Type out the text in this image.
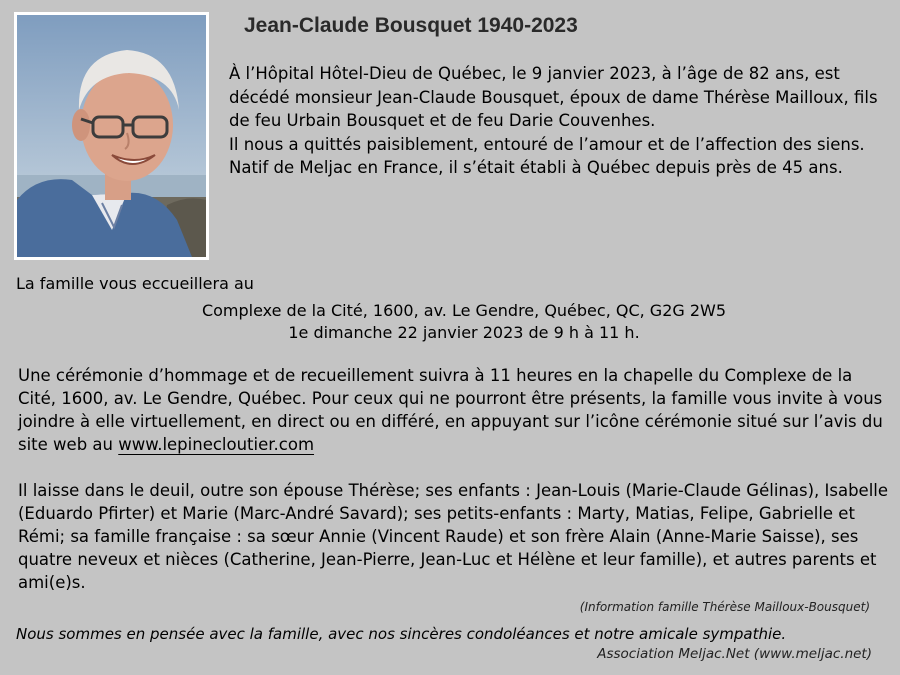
Jean-Claude Bousquet 1940-2023

À l’Hôpital Hôtel-Dieu de Québec, le 9 janvier 2023, à l’âge de 82 ans, est décédé monsieur Jean-Claude Bousquet, époux de dame Thérèse Mailloux, fils de feu Urbain Bousquet et de feu Darie Couvenhes.

Il nous a quittés paisiblement, entouré de l’amour et de l’affection des siens.

Natif de Meljac en France, il s’était établi à Québec depuis près de 45 ans.

La famille vous eccueillera au
Complexe de la Cité, 1600, av. Le Gendre, Québec, QC, G2G 2W5
1e dimanche 22 janvier 2023 de 9 h à 11 h.
Une cérémonie d’hommage et de recueillement suivra à 11 heures en la chapelle du Complexe de la Cité, 1600, av. Le Gendre, Québec. Pour ceux qui ne pourront être présents, la famille vous invite à vous joindre à elle virtuellement, en direct ou en différé, en appuyant sur l’icône cérémonie situé sur l’avis du site web au www.lepinecloutier.com
Il laisse dans le deuil, outre son épouse Thérèse; ses enfants : Jean-Louis (Marie-Claude Gélinas), Isabelle (Eduardo Pfirter) et Marie (Marc-André Savard); ses petits-enfants : Marty, Matias, Felipe, Gabrielle et Rémi; sa famille française : sa sœur Annie (Vincent Raude) et son frère Alain (Anne-Marie Saisse), ses quatre neveux et nièces (Catherine, Jean-Pierre, Jean-Luc et Hélène et leur famille), et autres parents et ami(e)s.
(Information famille Thérèse Mailloux-Bousquet)
Nous sommes en pensée avec la famille, avec nos sincères condoléances et notre amicale sympathie.
Association Meljac.Net (www.meljac.net)
